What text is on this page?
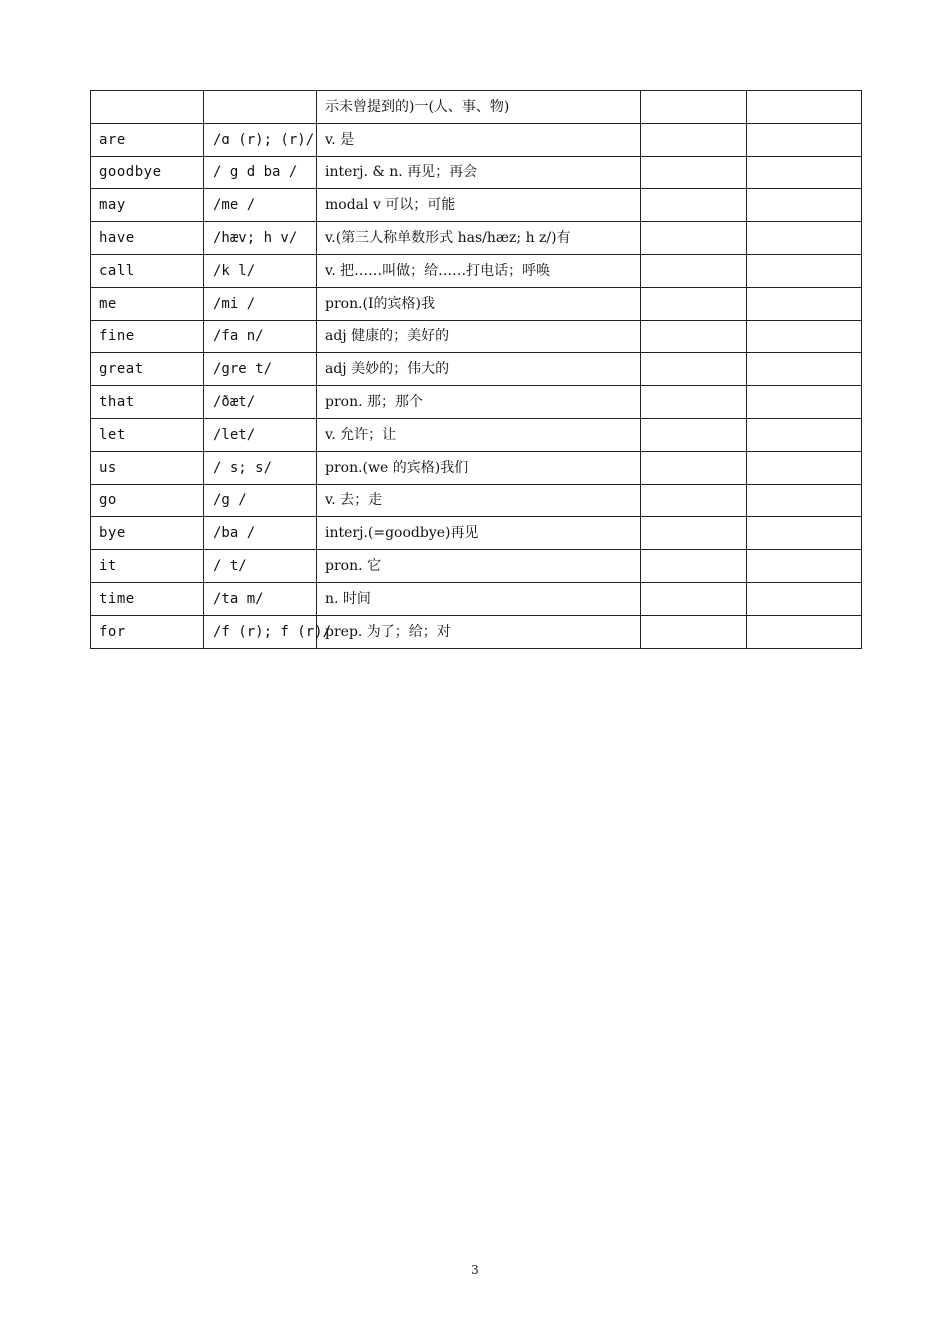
		示未曾提到的)一(人、事、物)		
are	/ɑ (r); (r)/	v. 是		
goodbye	/ g d ba /	interj. & n. 再见；再会		
may	/me /	modal v 可以；可能		
have	/hæv; h v/	v.(第三人称单数形式 has/hæz; h z/)有		
call	/k l/	v. 把……叫做；给……打电话；呼唤		
me	/mi /	pron.(I的宾格)我		
fine	/fa n/	adj 健康的；美好的		
great	/gre t/	adj 美妙的；伟大的		
that	/ðæt/	pron. 那；那个		
let	/let/	v. 允许；让		
us	/ s; s/	pron.(we 的宾格)我们		
go	/g /	v. 去；走		
bye	/ba /	interj.(=goodbye)再见		
it	/ t/	pron. 它		
time	/ta m/	n. 时间		
for	/f (r); f (r)/	prep. 为了；给；对		
3
